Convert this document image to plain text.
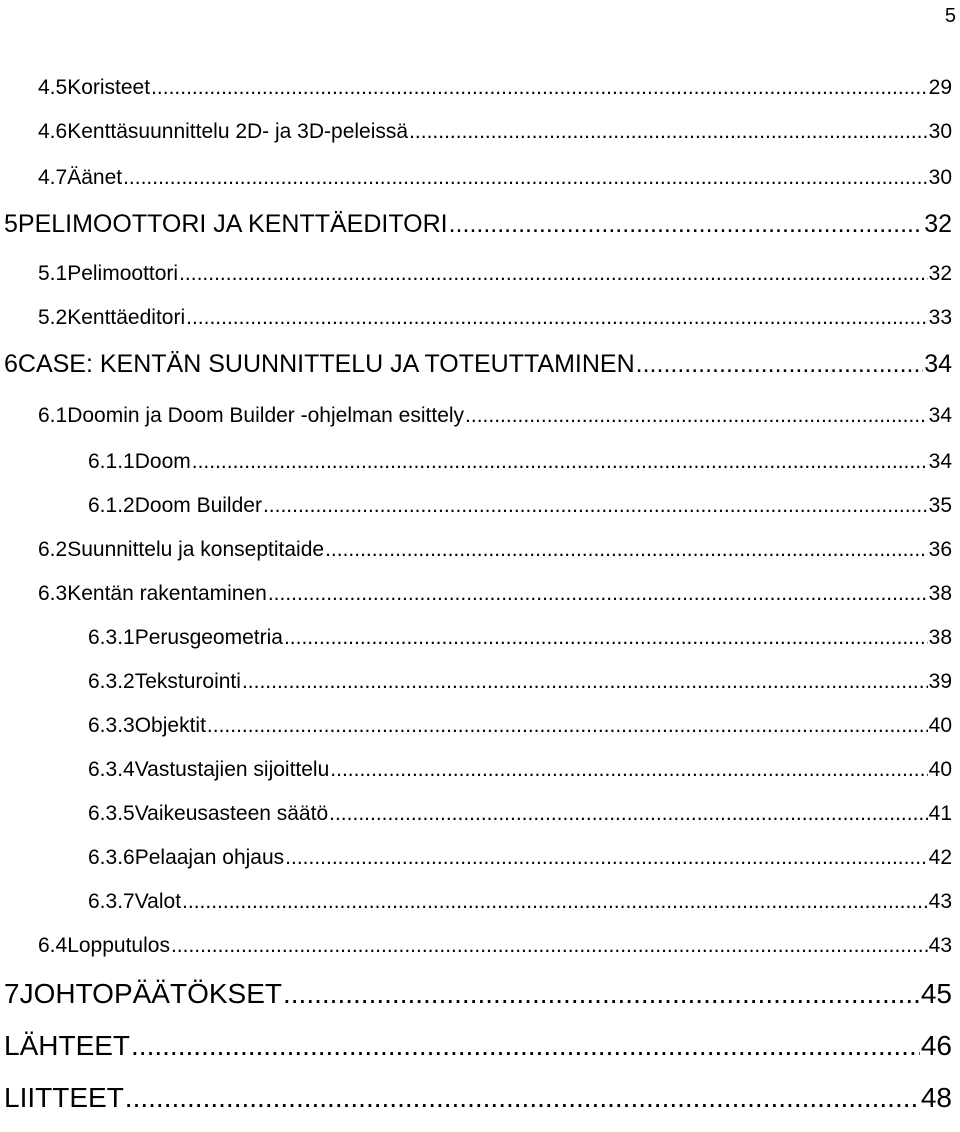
5
4.5 Koristeet .....	29
4.6 Kenttäsuunnittelu 2D- ja 3D-peleissä .....	30
4.7 Äänet .....	30
5 PELIMOOTTORI JA KENTTÄEDITORI .....	32
5.1 Pelimoottori .....	32
5.2 Kenttäeditori .....	33
6 CASE: KENTÄN SUUNNITTELU JA TOTEUTTAMINEN .....	34
6.1 Doomin ja Doom Builder -ohjelman esittely .....	34
6.1.1 Doom .....	34
6.1.2 Doom Builder .....	35
6.2 Suunnittelu ja konseptitaide .....	36
6.3 Kentän rakentaminen .....	38
6.3.1 Perusgeometria .....	38
6.3.2 Teksturointi .....	39
6.3.3 Objektit .....	40
6.3.4 Vastustajien sijoittelu .....	40
6.3.5 Vaikeusasteen säätö .....	41
6.3.6 Pelaajan ohjaus .....	42
6.3.7 Valot .....	43
6.4 Lopputulos .....	43
7 JOHTOPÄÄTÖKSET .....	45
LÄHTEET .....	46
LIITTEET .....	48
